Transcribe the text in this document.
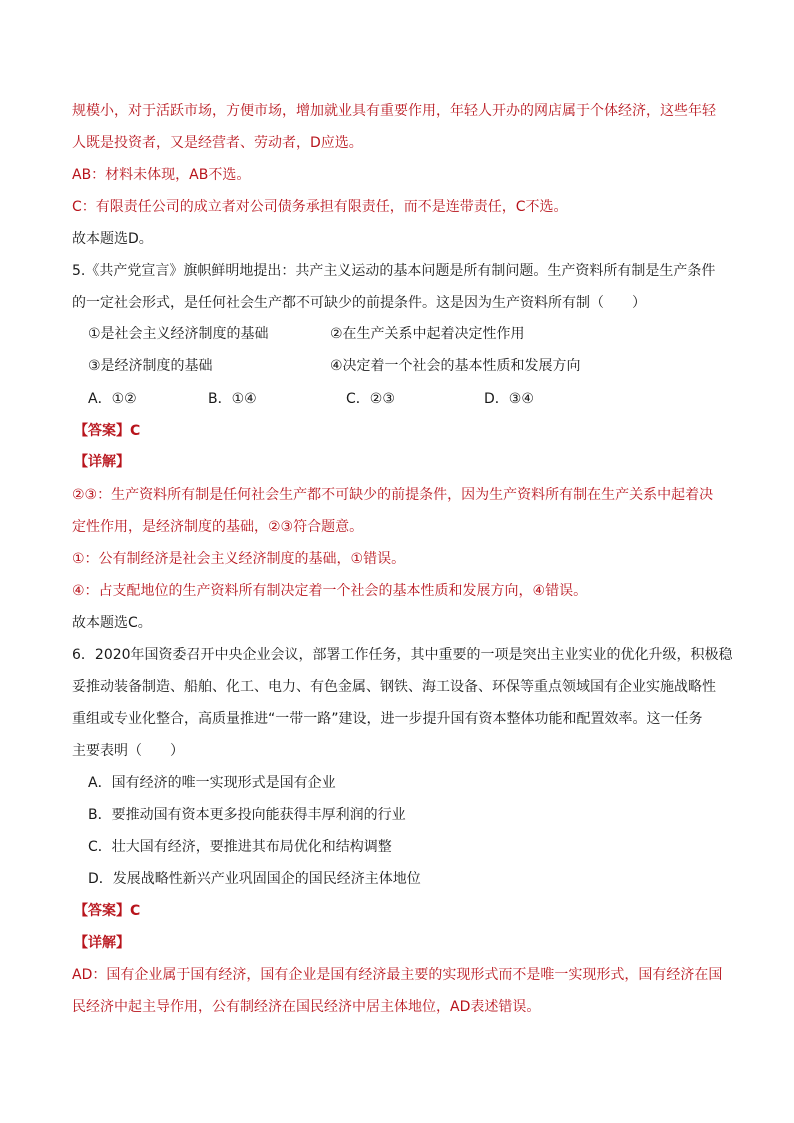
规模小，对于活跃市场，方便市场，增加就业具有重要作用，年轻人开办的网店属于个体经济，这些年轻
人既是投资者，又是经营者、劳动者，D应选。
AB：材料未体现，AB不选。
C：有限责任公司的成立者对公司债务承担有限责任，而不是连带责任，C不选。
故本题选D。
5.《共产党宣言》旗帜鲜明地提出：共产主义运动的基本问题是所有制问题。生产资料所有制是生产条件
的一定社会形式，是任何社会生产都不可缺少的前提条件。这是因为生产资料所有制（　　）
①是社会主义经济制度的基础	②在生产关系中起着决定性作用
③是经济制度的基础	④决定着一个社会的基本性质和发展方向
A．①②	B．①④	C．②③	D．③④
【答案】C
【详解】
②③：生产资料所有制是任何社会生产都不可缺少的前提条件，因为生产资料所有制在生产关系中起着决
定性作用，是经济制度的基础，②③符合题意。
①：公有制经济是社会主义经济制度的基础，①错误。
④：占支配地位的生产资料所有制决定着一个社会的基本性质和发展方向，④错误。
故本题选C。
6．2020年国资委召开中央企业会议，部署工作任务，其中重要的一项是突出主业实业的优化升级，积极稳
妥推动装备制造、船舶、化工、电力、有色金属、钢铁、海工设备、环保等重点领域国有企业实施战略性
重组或专业化整合，高质量推进“一带一路”建设，进一步提升国有资本整体功能和配置效率。这一任务
主要表明（　　）
A．国有经济的唯一实现形式是国有企业
B．要推动国有资本更多投向能获得丰厚利润的行业
C．壮大国有经济，要推进其布局优化和结构调整
D．发展战略性新兴产业巩固国企的国民经济主体地位
【答案】C
【详解】
AD：国有企业属于国有经济，国有企业是国有经济最主要的实现形式而不是唯一实现形式，国有经济在国
民经济中起主导作用，公有制经济在国民经济中居主体地位，AD表述错误。
